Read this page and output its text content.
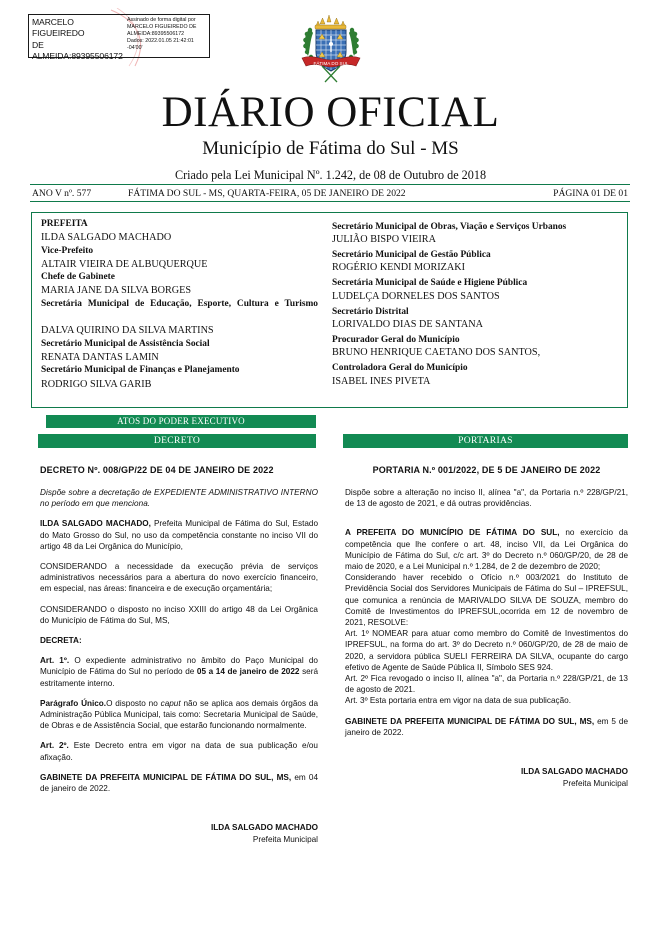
MARCELO FIGUEIREDO
DE
ALMEIDA:89395506172
Assinado de forma digital por
MARCELO FIGUEIREDO DE
ALMEIDA:89395506172
Dados: 2022.01.05 21:42:01
-04'00'
FÁTIMA DO SUL
DIÁRIO OFICIAL
Município de Fátima do Sul - MS
Criado pela Lei Municipal Nº. 1.242, de 08 de Outubro de 2018
ANO V nº. 577	FÁTIMA DO SUL - MS, QUARTA-FEIRA, 05 DE JANEIRO DE 2022	PÁGINA 01 DE 01
PREFEITA
ILDA SALGADO MACHADO
Vice-Prefeito
ALTAIR VIEIRA DE ALBUQUERQUE
Chefe de Gabinete
MARIA JANE DA SILVA BORGES
Secretária Municipal de Educação, Esporte, Cultura e Turismo
DALVA QUIRINO DA SILVA MARTINS
Secretário Municipal de Assistência Social
RENATA DANTAS LAMIN
Secretário Municipal de Finanças e Planejamento
RODRIGO SILVA GARIB
Secretário Municipal de Obras, Viação e Serviços Urbanos
JULIÃO BISPO VIEIRA
Secretário Municipal de Gestão Pública
ROGÉRIO KENDI MORIZAKI
Secretária Municipal de Saúde e Higiene Pública
LUDELÇA DORNELES DOS SANTOS
Secretário Distrital
LORIVALDO DIAS DE SANTANA
Procurador Geral do Município
BRUNO HENRIQUE CAETANO DOS SANTOS,
Controladora Geral do Município
ISABEL INES PIVETA
ATOS DO PODER EXECUTIVO
DECRETO	PORTARIAS
DECRETO Nº. 008/GP/22 DE 04 DE JANEIRO DE 2022

Dispõe sobre a decretação de EXPEDIENTE ADMINISTRATIVO INTERNO no período em que menciona.

ILDA SALGADO MACHADO, Prefeita Municipal de Fátima do Sul, Estado do Mato Grosso do Sul, no uso da competência constante no inciso VII do artigo 48 da Lei Orgânica do Município,

CONSIDERANDO a necessidade da execução prévia de serviços administrativos necessários para a abertura do novo exercício financeiro, em especial, nas áreas: financeira e de execução orçamentária;

CONSIDERANDO o disposto no inciso XXIII do artigo 48 da Lei Orgânica do Município de Fátima do Sul, MS,

DECRETA:

Art. 1º. O expediente administrativo no âmbito do Paço Municipal do Município de Fátima do Sul no período de 05 a 14 de janeiro de 2022 será estritamente interno.

Parágrafo Único.O disposto no caput não se aplica aos demais órgãos da Administração Pública Municipal, tais como: Secretaria Municipal de Saúde, de Obras e de Assistência Social, que estarão funcionando normalmente.

Art. 2º. Este Decreto entra em vigor na data de sua publicação e/ou afixação.

GABINETE DA PREFEITA MUNICIPAL DE FÁTIMA DO SUL, MS, em 04 de janeiro de 2022.

ILDA SALGADO MACHADO

Prefeita Municipal

PORTARIA N.º 001/2022, DE 5 DE JANEIRO DE 2022

Dispõe sobre a alteração no inciso II, alínea "a", da Portaria n.º 228/GP/21, de 13 de agosto de 2021, e dá outras providências.

A PREFEITA DO MUNICÍPIO DE FÁTIMA DO SUL, no exercício da competência que lhe confere o art. 48, inciso VII, da Lei Orgânica do Município de Fátima do Sul, c/c art. 3º do Decreto n.º 060/GP/20, de 28 de maio de 2020, e a Lei Municipal n.º 1.284, de 2 de dezembro de 2020;

Considerando haver recebido o Ofício n.º 003/2021 do Instituto de Previdência Social dos Servidores Municipais de Fátima do Sul – IPREFSUL, que comunica a renúncia de MARIVALDO SILVA DE SOUZA, membro do Comitê de Investimentos do IPREFSUL,ocorrida em 12 de novembro de 2021, RESOLVE:

Art. 1º NOMEAR para atuar como membro do Comitê de Investimentos do IPREFSUL, na forma do art. 3º do Decreto n.º 060/GP/20, de 28 de maio de 2020, a servidora pública SUELI FERREIRA DA SILVA, ocupante do cargo efetivo de Agente de Saúde Pública II, Símbolo SES 924.

Art. 2º Fica revogado o inciso II, alínea "a", da Portaria n.º 228/GP/21, de 13 de agosto de 2021.

Art. 3º Esta portaria entra em vigor na data de sua publicação.

GABINETE DA PREFEITA MUNICIPAL DE FÁTIMA DO SUL, MS, em 5 de janeiro de 2022.

ILDA SALGADO MACHADO

Prefeita Municipal
